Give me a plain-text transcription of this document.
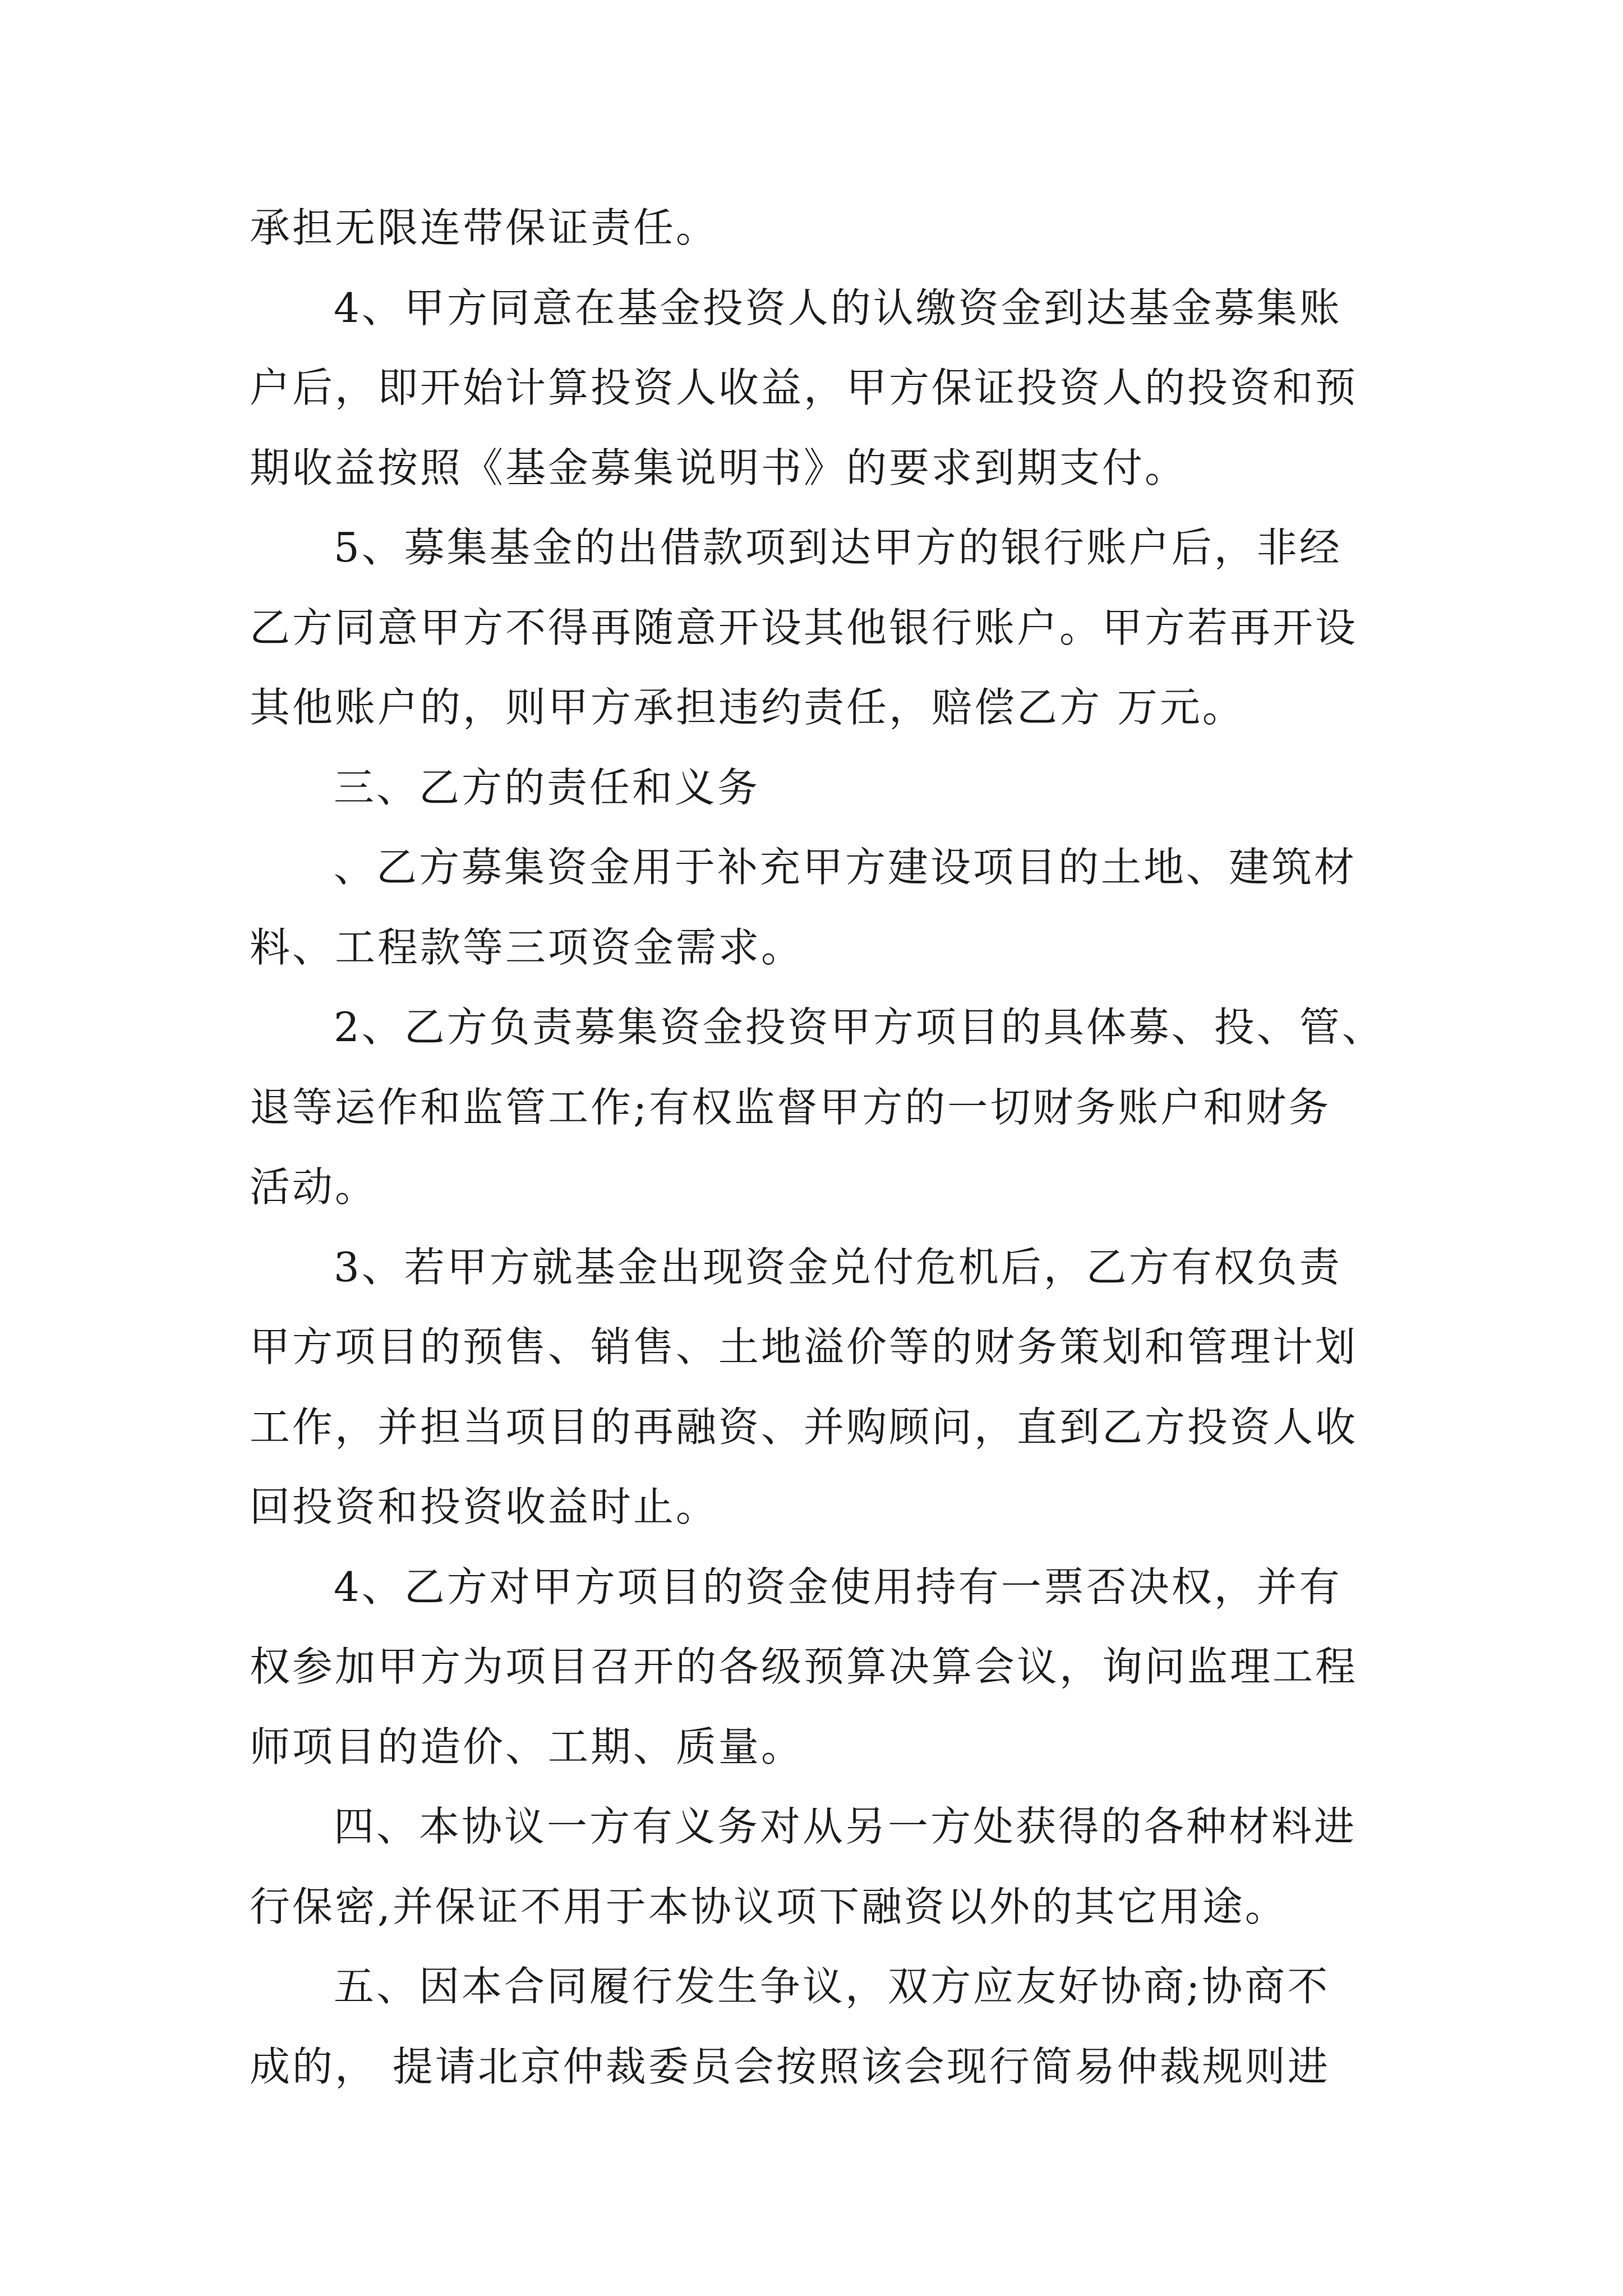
承担无限连带保证责任。
4、甲方同意在基金投资人的认缴资金到达基金募集账
户后，即开始计算投资人收益，甲方保证投资人的投资和预
期收益按照《基金募集说明书》的要求到期支付。
5、募集基金的出借款项到达甲方的银行账户后，非经
乙方同意甲方不得再随意开设其他银行账户。甲方若再开设
其他账户的，则甲方承担违约责任，赔偿乙方 万元。
三、乙方的责任和义务
、乙方募集资金用于补充甲方建设项目的土地、建筑材
料、工程款等三项资金需求。
2、乙方负责募集资金投资甲方项目的具体募、投、管、
退等运作和监管工作;有权监督甲方的一切财务账户和财务
活动。
3、若甲方就基金出现资金兑付危机后，乙方有权负责
甲方项目的预售、销售、土地溢价等的财务策划和管理计划
工作，并担当项目的再融资、并购顾问，直到乙方投资人收
回投资和投资收益时止。
4、乙方对甲方项目的资金使用持有一票否决权，并有
权参加甲方为项目召开的各级预算决算会议，询问监理工程
师项目的造价、工期、质量。
四、本协议一方有义务对从另一方处获得的各种材料进
行保密,并保证不用于本协议项下融资以外的其它用途。
五、因本合同履行发生争议，双方应友好协商;协商不
成的， 提请北京仲裁委员会按照该会现行简易仲裁规则进
